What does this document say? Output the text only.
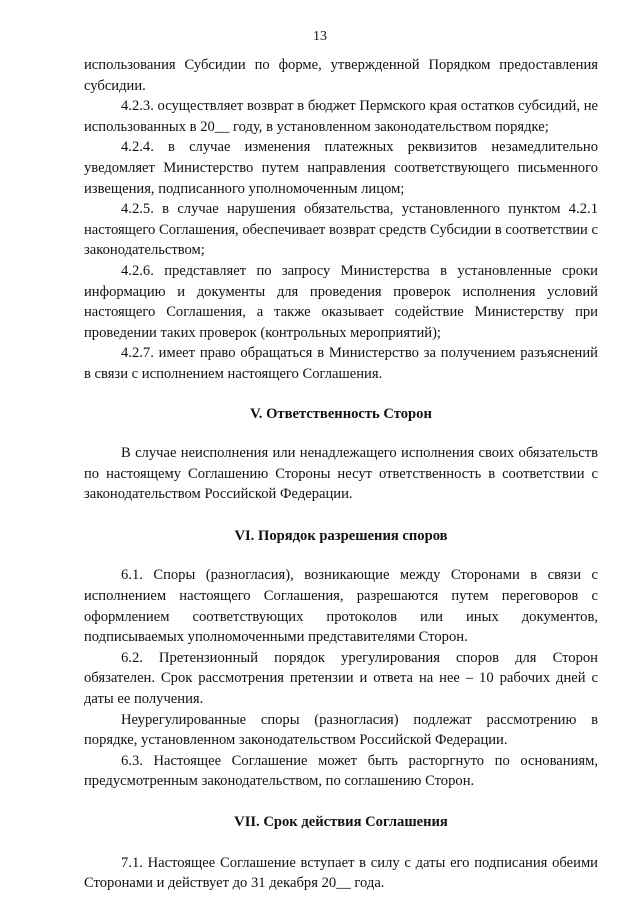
13

использования Субсидии по форме, утвержденной Порядком предоставления субсидии.

4.2.3. осуществляет возврат в бюджет Пермского края остатков субсидий, не использованных в 20__ году, в установленном законодательством порядке;

4.2.4. в случае изменения платежных реквизитов незамедлительно уведомляет Министерство путем направления соответствующего письменного извещения, подписанного уполномоченным лицом;

4.2.5. в случае нарушения обязательства, установленного пунктом 4.2.1 настоящего Соглашения, обеспечивает возврат средств Субсидии в соответствии с законодательством;

4.2.6. представляет по запросу Министерства в установленные сроки информацию и документы для проведения проверок исполнения условий настоящего Соглашения, а также оказывает содействие Министерству при проведении таких проверок (контрольных мероприятий);

4.2.7. имеет право обращаться в Министерство за получением разъяснений в связи с исполнением настоящего Соглашения.

V. Ответственность Сторон

В случае неисполнения или ненадлежащего исполнения своих обязательств по настоящему Соглашению Стороны несут ответственность в соответствии с законодательством Российской Федерации.

VI. Порядок разрешения споров

6.1. Споры (разногласия), возникающие между Сторонами в связи с исполнением настоящего Соглашения, разрешаются путем переговоров с оформлением соответствующих протоколов или иных документов, подписываемых уполномоченными представителями Сторон.

6.2. Претензионный порядок урегулирования споров для Сторон обязателен. Срок рассмотрения претензии и ответа на нее – 10 рабочих дней с даты ее получения.

Неурегулированные споры (разногласия) подлежат рассмотрению в порядке, установленном законодательством Российской Федерации.

6.3. Настоящее Соглашение может быть расторгнуто по основаниям, предусмотренным законодательством, по соглашению Сторон.

VII. Срок действия Соглашения

7.1. Настоящее Соглашение вступает в силу с даты его подписания обеими Сторонами и действует до 31 декабря 20__ года.
